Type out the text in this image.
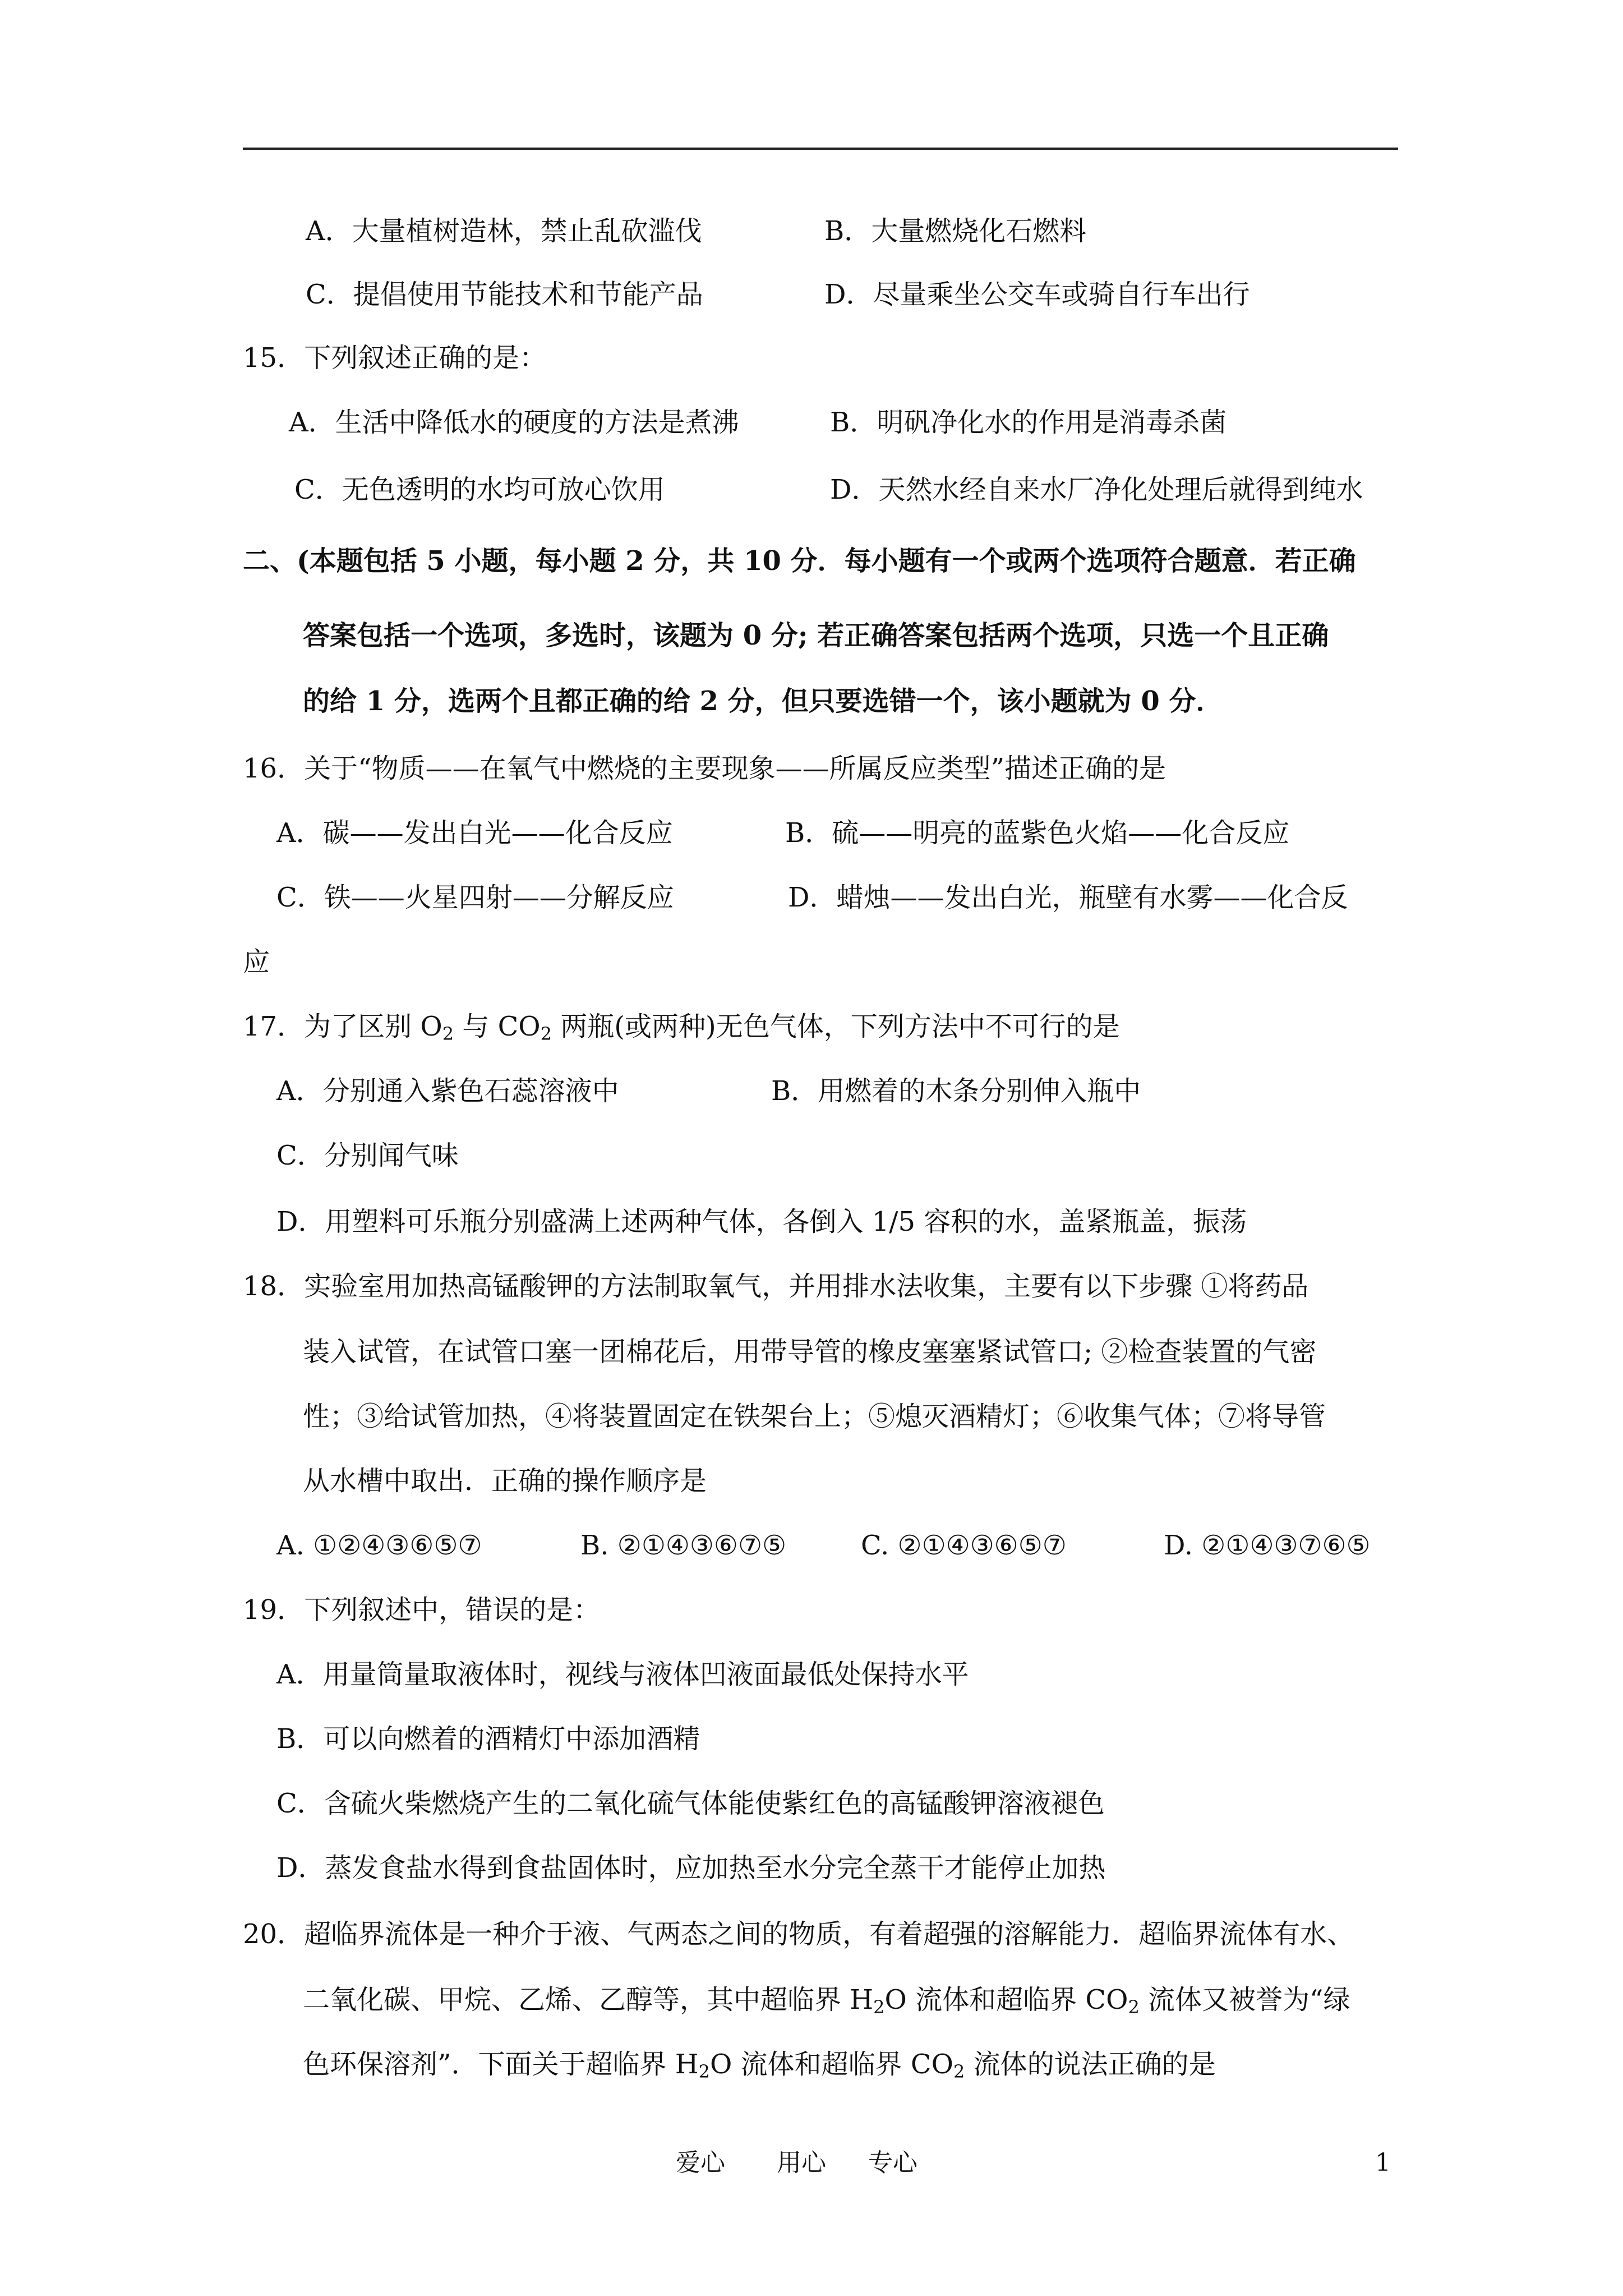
A．大量植树造林，禁止乱砍滥伐	B．大量燃烧化石燃料
C．提倡使用节能技术和节能产品	D．尽量乘坐公交车或骑自行车出行
15．下列叙述正确的是：
A．生活中降低水的硬度的方法是煮沸	B．明矾净化水的作用是消毒杀菌
C．无色透明的水均可放心饮用	D．天然水经自来水厂净化处理后就得到纯水
二、(本题包括 5 小题，每小题 2 分，共 10 分．每小题有一个或两个选项符合题意．若正确
答案包括一个选项，多选时，该题为 0 分; 若正确答案包括两个选项，只选一个且正确
的给 1 分，选两个且都正确的给 2 分，但只要选错一个，该小题就为 0 分．
16．关于“物质——在氧气中燃烧的主要现象——所属反应类型”描述正确的是
A．碳——发出白光——化合反应	B．硫——明亮的蓝紫色火焰——化合反应
C．铁——火星四射——分解反应	D．蜡烛——发出白光，瓶壁有水雾——化合反
应
17．为了区别 $O_2$ 与 $CO_2$ 两瓶(或两种)无色气体，下列方法中不可行的是
A．分别通入紫色石蕊溶液中	B．用燃着的木条分别伸入瓶中
C．分别闻气味
D．用塑料可乐瓶分别盛满上述两种气体，各倒入 1/5 容积的水，盖紧瓶盖，振荡
18．实验室用加热高锰酸钾的方法制取氧气，并用排水法收集，主要有以下步骤 ①将药品
装入试管，在试管口塞一团棉花后，用带导管的橡皮塞塞紧试管口; ②检查装置的气密
性；③给试管加热，④将装置固定在铁架台上；⑤熄灭酒精灯；⑥收集气体；⑦将导管
从水槽中取出．正确的操作顺序是
A. ①②④③⑥⑤⑦	B. ②①④③⑥⑦⑤	C. ②①④③⑥⑤⑦	D. ②①④③⑦⑥⑤
19．下列叙述中，错误的是：
A．用量筒量取液体时，视线与液体凹液面最低处保持水平
B．可以向燃着的酒精灯中添加酒精
C．含硫火柴燃烧产生的二氧化硫气体能使紫红色的高锰酸钾溶液褪色
D．蒸发食盐水得到食盐固体时，应加热至水分完全蒸干才能停止加热
20．超临界流体是一种介于液、气两态之间的物质，有着超强的溶解能力．超临界流体有水、
二氧化碳、甲烷、乙烯、乙醇等，其中超临界 $H_2O$ 流体和超临界 $CO_2$ 流体又被誉为“绿
色环保溶剂”．下面关于超临界 $H_2O$ 流体和超临界 $CO_2$ 流体的说法正确的是
爱心 用心 专心	1
